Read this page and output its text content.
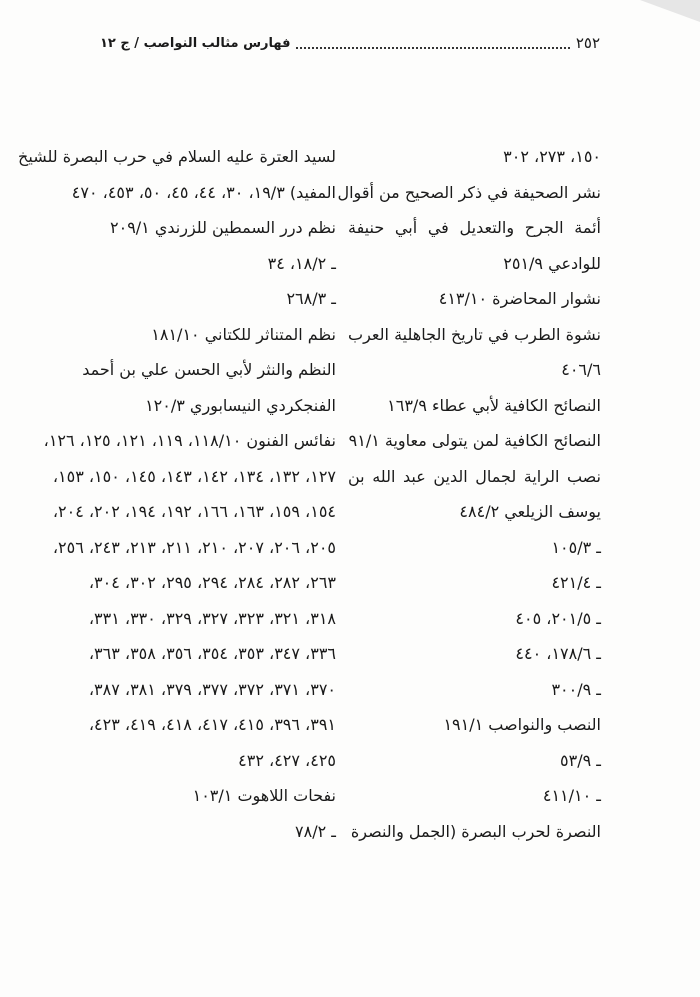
٢٥٢
فهارس مثالب النواصب / ج ١٢
١٥٠، ٢٧٣، ٣٠٢
نشر الصحيفة في ذكر الصحيح من أقوال
أئمة الجرح والتعديل في أبي حنيفة
للوادعي ٢٥١/٩
نشوار المحاضرة ٤١٣/١٠
نشوة الطرب في تاريخ الجاهلية العرب
٤٠٦/٦
النصائح الكافية لأبي عطاء ١٦٣/٩
النصائح الكافية لمن يتولى معاوية ٩١/١
نصب الراية لجمال الدين عبد الله بن
يوسف الزيلعي ٤٨٤/٢
ـ ١٠٥/٣
ـ ٤٢١/٤
ـ ٢٠١/٥، ٤٠٥
ـ ١٧٨/٦، ٤٤٠
ـ ٣٠٠/٩
النصب والنواصب ١٩١/١
ـ ٥٣/٩
ـ ٤١١/١٠
النصرة لحرب البصرة (الجمل والنصرة
لسيد العترة عليه السلام في حرب البصرة للشيخ
المفيد) ١٩/٣، ٣٠، ٤٤، ٤٥، ٥٠، ٤٥٣، ٤٧٠
نظم درر السمطين للزرندي ٢٠٩/١
ـ ١٨/٢، ٣٤
ـ ٢٦٨/٣
نظم المتناثر للكتاني ١٨١/١٠
النظم والنثر لأبي الحسن علي بن أحمد
الفنجكردي النيسابوري ١٢٠/٣
نفائس الفنون ١١٨/١٠، ١١٩، ١٢١، ١٢٥، ١٢٦،
١٢٧، ١٣٢، ١٣٤، ١٤٢، ١٤٣، ١٤٥، ١٥٠، ١٥٣،
١٥٤، ١٥٩، ١٦٣، ١٦٦، ١٩٢، ١٩٤، ٢٠٢، ٢٠٤،
٢٠٥، ٢٠٦، ٢٠٧، ٢١٠، ٢١١، ٢١٣، ٢٤٣، ٢٥٦،
٢٦٣، ٢٨٢، ٢٨٤، ٢٩٤، ٢٩٥، ٣٠٢، ٣٠٤،
٣١٨، ٣٢١، ٣٢٣، ٣٢٧، ٣٢٩، ٣٣٠، ٣٣١،
٣٣٦، ٣٤٧، ٣٥٣، ٣٥٤، ٣٥٦، ٣٥٨، ٣٦٣،
٣٧٠، ٣٧١، ٣٧٢، ٣٧٧، ٣٧٩، ٣٨١، ٣٨٧،
٣٩١، ٣٩٦، ٤١٥، ٤١٧، ٤١٨، ٤١٩، ٤٢٣،
٤٢٥، ٤٢٧، ٤٣٢
نفحات اللاهوت ١٠٣/١
ـ ٧٨/٢
